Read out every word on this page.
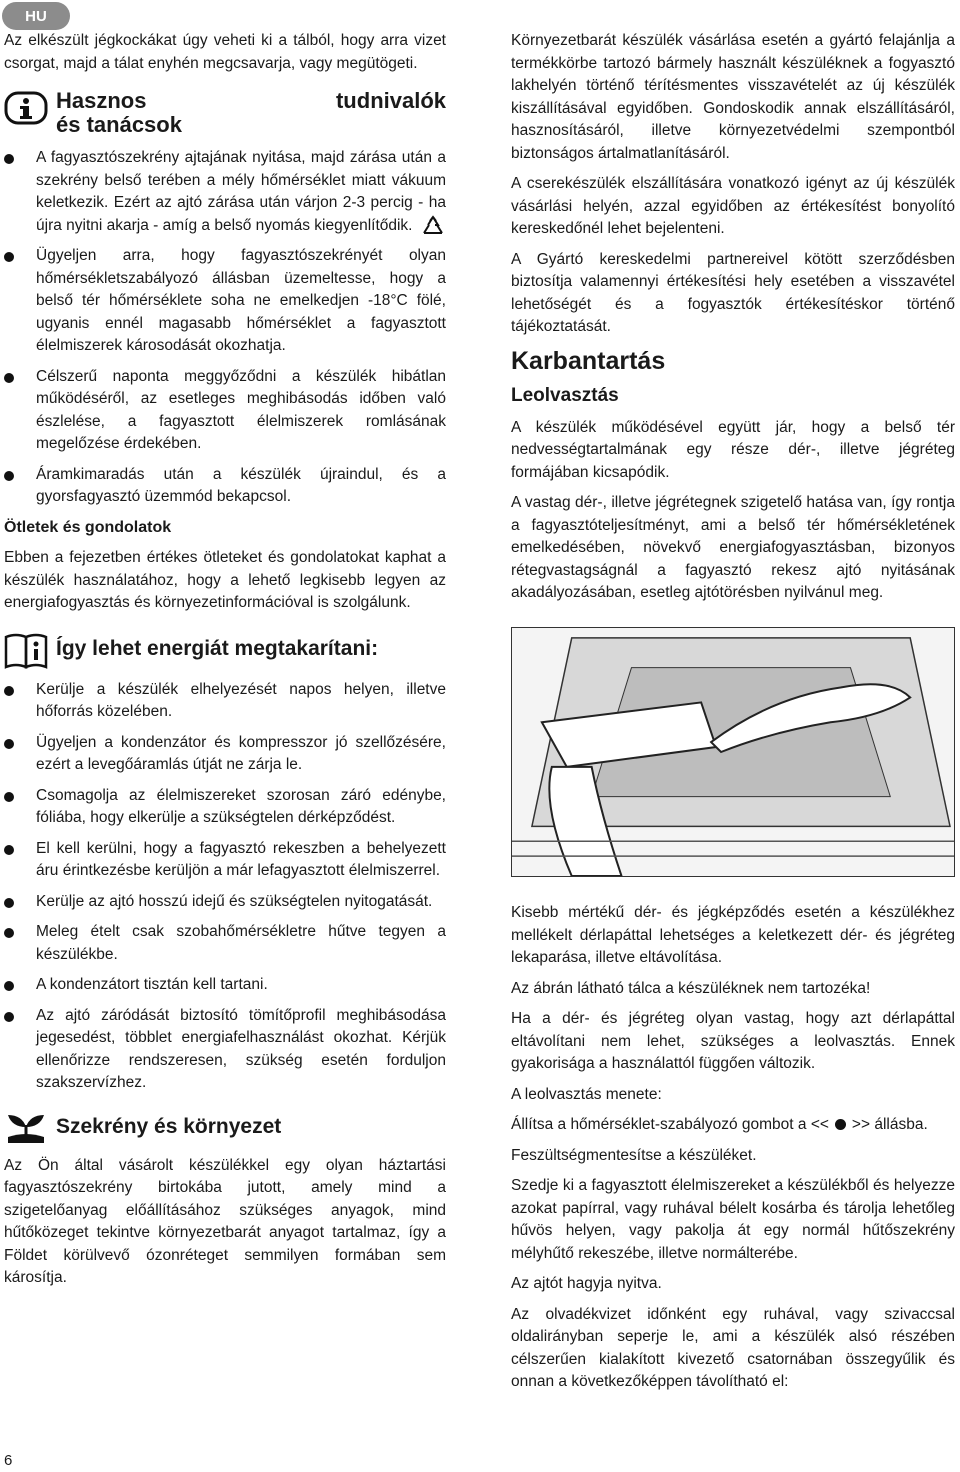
HU

Az elkészült jégkockákat úgy veheti ki a tálból, hogy arra vizet csorgat, majd a tálat enyhén megcsavarja, vagy megütögeti.

Hasznos	tudnivalók
és tanácsok
A fagyasztószekrény ajtajának nyitása, majd zárása után a szekrény belső terében a mély hőmérséklet miatt vákuum keletkezik. Ezért az ajtó zárása után várjon 2-3 percig - ha újra nyitni akarja - amíg a belső nyomás kiegyenlítődik.
Ügyeljen arra, hogy fagyasztószekrényét olyan hőmérsékletszabályozó állásban üzemeltesse, hogy a belső tér hőmérséklete soha ne emelkedjen -18°C fölé, ugyanis ennél magasabb hőmérséklet a fagyasztott élelmiszerek károsodását okozhatja.
Célszerű naponta meggyőződni a készülék hibátlan működéséről, az esetleges meghibásodás időben való észlelése, a fagyasztott élelmiszerek romlásának megelőzése érdekében.
Áramkimaradás után a készülék újraindul, és a gyorsfagyasztó üzemmód bekapcsol.
Ötletek és gondolatok

Ebben a fejezetben értékes ötleteket és gondolatokat kaphat a készülék használatához, hogy a lehető legkisebb legyen az energiafogyasztás és környezetinformációval is szolgálunk.

Így lehet energiát megtakarítani:
Kerülje a készülék elhelyezését napos helyen, illetve hőforrás közelében.
Ügyeljen a kondenzátor és kompresszor jó szellőzésére, ezért a levegőáramlás útját ne zárja le.
Csomagolja az élelmiszereket szorosan záró edénybe, fóliába, hogy elkerülje a szükségtelen dérképződést.
El kell kerülni, hogy a fagyasztó rekeszben a behelyezett áru érintkezésbe kerüljön a már lefagyasztott élelmiszerrel.
Kerülje az ajtó hosszú idejű és szükségtelen nyitogatását.
Meleg ételt csak szobahőmérsékletre hűtve tegyen a készülékbe.
A kondenzátort tisztán kell tartani.
Az ajtó záródását biztosító tömítőprofil meghibásodása jegesedést, többlet energiafelhasználást okozhat. Kérjük ellenőrizze rendszeresen, szükség esetén forduljon szakszervízhez.
Szekrény és környezet

Az Ön által vásárolt készülékkel egy olyan háztartási fagyasztószekrény birtokába jutott, amely mind a szigetelőanyag előállításához szükséges anyagok, mind hűtőközeget tekintve környezetbarát anyagot tartalmaz, így a Földet körülvevő ózonréteget semmilyen formában sem károsítja.

Környezetbarát készülék vásárlása esetén a gyártó felajánlja a termékkörbe tartozó bármely használt készüléknek a fogyasztó lakhelyén történő térítésmentes visszavételét az új készülék kiszállításával egyidőben. Gondoskodik annak elszállításáról, hasznosításáról, illetve környezetvédelmi szempontból biztonságos ártalmatlanításáról.

A cserekészülék elszállítására vonatkozó igényt az új készülék vásárlási helyén, azzal egyidőben az értékesítést bonyolító kereskedőnél lehet bejelenteni.

A Gyártó kereskedelmi partnereivel kötött szerződésben biztosítja valamennyi értékesítési hely esetében a visszavétel lehetőségét és a fogyasztók értékesítéskor történő tájékoztatását.

Karbantartás
Leolvasztás

A készülék működésével együtt jár, hogy a belső tér nedvességtartalmának egy része dér-, illetve jégréteg formájában kicsapódik.

A vastag dér-, illetve jégrétegnek szigetelő hatása van, így rontja a fagyasztóteljesítményt, ami a belső tér hőmérsékletének emelkedésében, növekvő energiafogyasztásban, bizonyos rétegvastagságnál a fagyasztó rekesz ajtó nyitásának akadályozásában, esetleg ajtótörésben nyilvánul meg.

Kisebb mértékű dér- és jégképződés esetén a készülékhez mellékelt dérlapáttal lehetséges a keletkezett dér- és jégréteg lekaparása, illetve eltávolítása.

Az ábrán látható tálca a készüléknek nem tartozéka!

Ha a dér- és jégréteg olyan vastag, hogy azt dérlapáttal eltávolítani nem lehet, szükséges a leolvasztás. Ennek gyakorisága a használattól függően változik.

A leolvasztás menete:

Állítsa a hőmérséklet-szabályozó gombot a << >> állásba.

Feszültségmentesítse a készüléket.

Szedje ki a fagyasztott élelmiszereket a készülékből és helyezze azokat papírral, vagy ruhával bélelt kosárba és tárolja lehetőleg hűvös helyen, vagy pakolja át egy normál hűtőszekrény mélyhűtő rekeszébe, illetve normálterébe.

Az ajtót hagyja nyitva.

Az olvadékvizet időnként egy ruhával, vagy szivaccsal oldalirányban seperje le, ami a készülék alsó részében célszerűen kialakított kivezető csatornában összegyűlik és onnan a következőképpen távolítható el:

6
